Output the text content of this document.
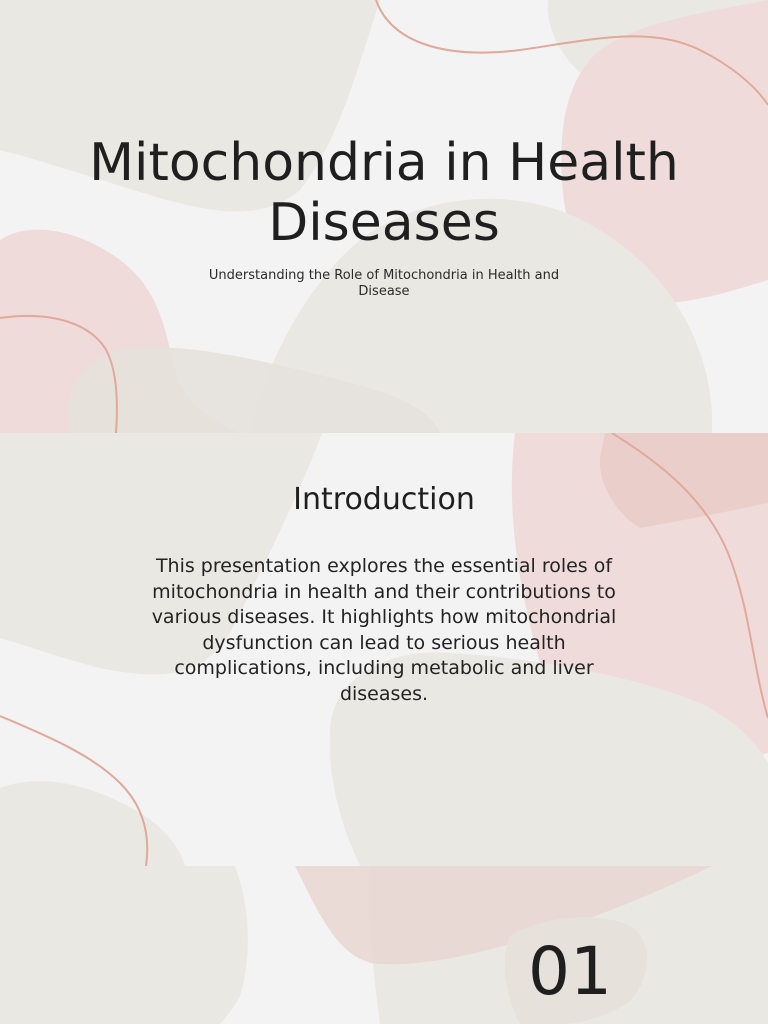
Mitochondria in Health Diseases

Understanding the Role of Mitochondria in Health and Disease

Introduction

This presentation explores the essential roles of mitochondria in health and their contributions to various diseases. It highlights how mitochondrial dysfunction can lead to serious health complications, including metabolic and liver diseases.

01
